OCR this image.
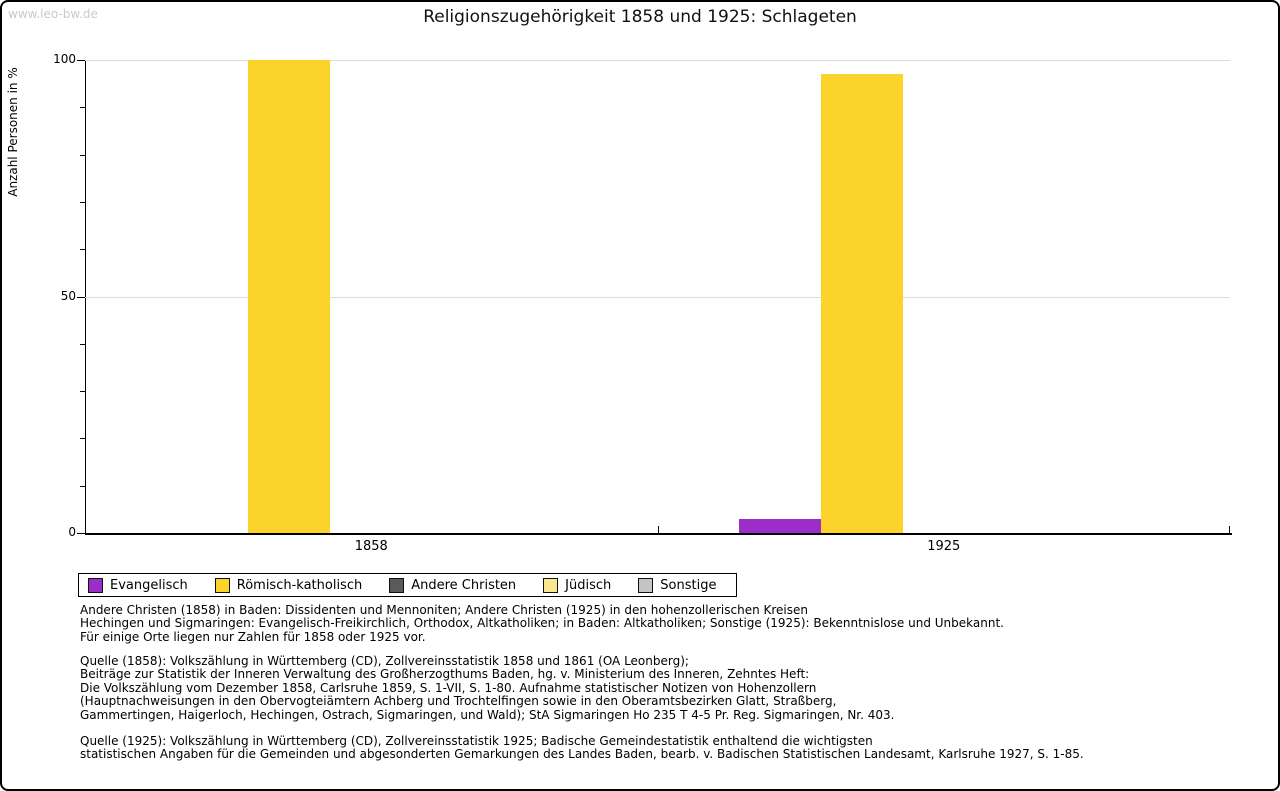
www.leo-bw.de	Religionszugehörigkeit 1858 und 1925: Schlageten
Anzahl Personen in %
0
50
100
1858	1925
Evangelisch	Römisch-katholisch	Andere Christen	Jüdisch	Sonstige
Andere Christen (1858) in Baden: Dissidenten und Mennoniten; Andere Christen (1925) in den hohenzollerischen Kreisen
Hechingen und Sigmaringen: Evangelisch-Freikirchlich, Orthodox, Altkatholiken; in Baden: Altkatholiken; Sonstige (1925): Bekenntnislose und Unbekannt.
Für einige Orte liegen nur Zahlen für 1858 oder 1925 vor.
Quelle (1858): Volkszählung in Württemberg (CD), Zollvereinsstatistik 1858 und 1861 (OA Leonberg);
Beiträge zur Statistik der Inneren Verwaltung des Großherzogthums Baden, hg. v. Ministerium des Inneren, Zehntes Heft:
Die Volkszählung vom Dezember 1858, Carlsruhe 1859, S. 1-VII, S. 1-80. Aufnahme statistischer Notizen von Hohenzollern
(Hauptnachweisungen in den Obervogteiämtern Achberg und Trochtelfingen sowie in den Oberamtsbezirken Glatt, Straßberg,
Gammertingen, Haigerloch, Hechingen, Ostrach, Sigmaringen, und Wald); StA Sigmaringen Ho 235 T 4-5 Pr. Reg. Sigmaringen, Nr. 403.
Quelle (1925): Volkszählung in Württemberg (CD), Zollvereinsstatistik 1925; Badische Gemeindestatistik enthaltend die wichtigsten
statistischen Angaben für die Gemeinden und abgesonderten Gemarkungen des Landes Baden, bearb. v. Badischen Statistischen Landesamt, Karlsruhe 1927, S. 1-85.
